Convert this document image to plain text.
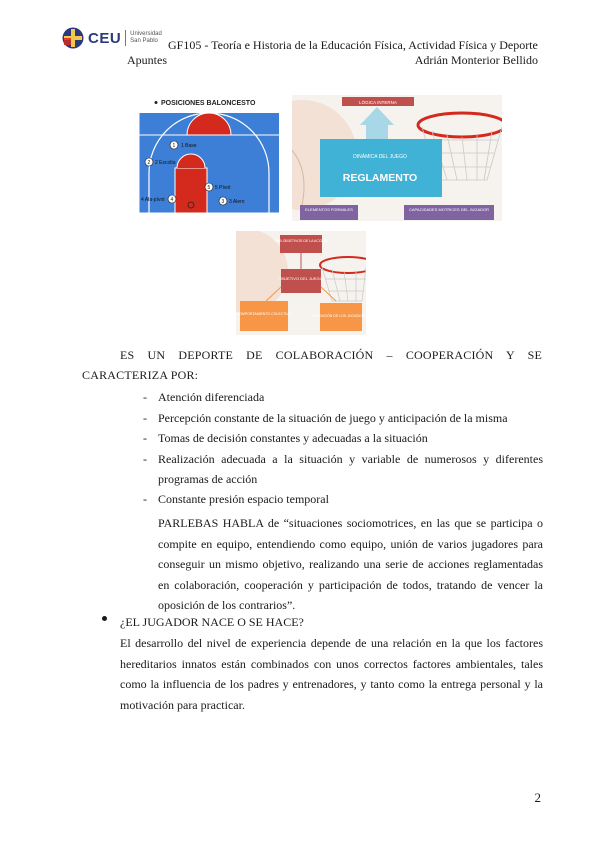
CEU Universidad
San Pablo GF105 - Teoría e Historia de la Educación Física, Actividad Física y Deporte
Apuntes	Adrián Monterior Bellido
POSICIONES BALONCESTO
1 1 Base
2 2 Escolta
5 5 Pívot
4
4 Ala-pívot	3 3 Alero
LÓGICA INTERNA
DINÁMICA DEL JUEGO
REGLAMENTO
ELEMENTOS FORMALES	CAPACIDADES MOTRICES DEL JUGADOR
SUB-OBJETIVOS DE LA ACCIÓN
OBJETIVO DEL JUEGO
COMPORTAMIENTO COLECTIVO	INTENCIÓN DE LOS JUGADORES
ES UN DEPORTE DE COLABORACIÓN – COOPERACIÓN Y SE
CARACTERIZA POR:
- Atención diferenciada
- Percepción constante de la situación de juego y anticipación de la misma
- Tomas de decisión constantes y adecuadas a la situación
- Realización adecuada a la situación y variable de numerosos y diferentes programas de acción
- Constante presión espacio temporal

PARLEBAS HABLA de “situaciones sociomotrices, en las que se participa o
compite en equipo, entendiendo como equipo, unión de varios jugadores para
conseguir un mismo objetivo, realizando una serie de acciones reglamentadas
en colaboración, cooperación y participación de todos, tratando de vencer la
oposición de los contrarios”.

¿EL JUGADOR NACE O SE HACE?

El desarrollo del nivel de experiencia depende de una relación en la que los factores
hereditarios innatos están combinados con unos correctos factores ambientales, tales
como la influencia de los padres y entrenadores, y tanto como la entrega personal y la
motivación para practicar.

2
